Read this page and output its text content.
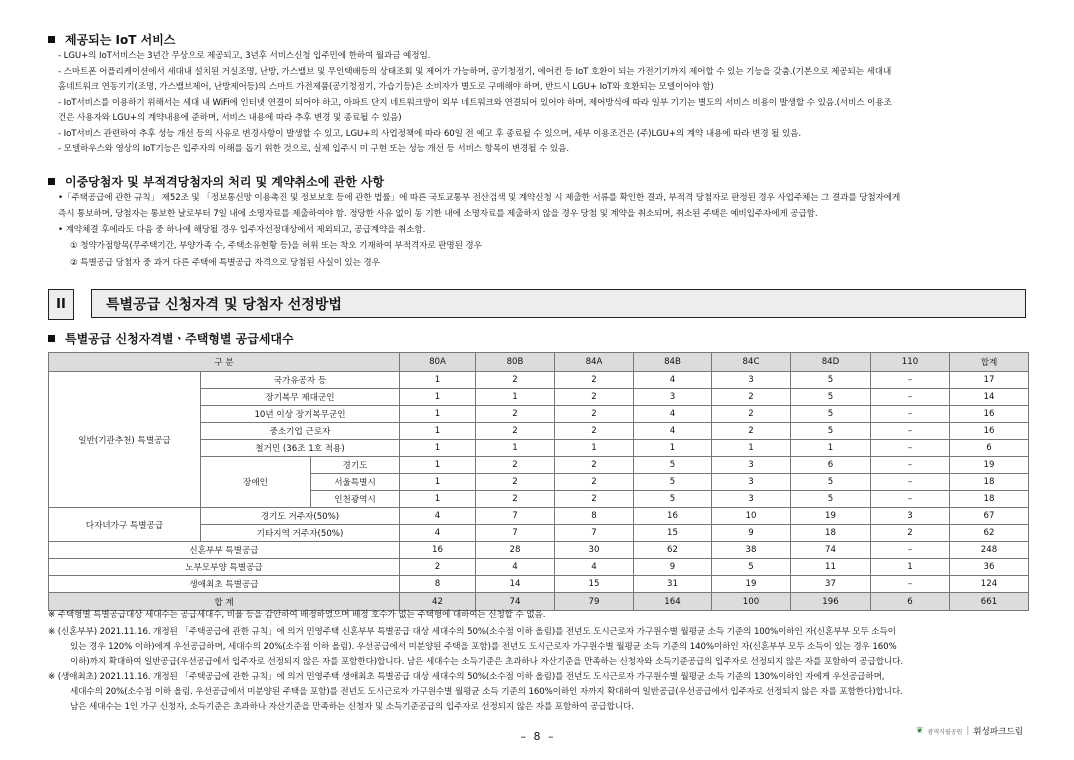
제공되는 IoT 서비스
- LGU+의 IoT서비스는 3년간 무상으로 제공되고, 3년후 서비스신청 입주민에 한하여 월과금 예정임.
- 스마트폰 어플리케이션에서 세대내 설치된 거실조명, 난방, 가스밸브 및 무인택배등의 상태조회 및 제어가 가능하며, 공기청정기, 에어컨 등 IoT 호환이 되는 가전기기까지 제어할 수 있는 기능을 갖춤.(기본으로 제공되는 세대내
홈네트워크 연동기기(조명, 가스밸브제어, 난방제어등)의 스마트 가전제품(공기청정기, 가습기등)은 소비자가 별도로 구매해야 하며, 반드시 LGU+ IoT와 호환되는 모델이어야 함)
- IoT서비스를 이용하기 위해서는 세대 내 WiFi에 인터넷 연결이 되어야 하고, 아파트 단지 네트워크망이 외부 네트워크와 연결되어 있어야 하며, 제어방식에 따라 일부 기기는 별도의 서비스 비용이 발생할 수 있음.(서비스 이용조
건은 사용자와 LGU+의 계약내용에 준하며, 서비스 내용에 따라 추후 변경 및 종료될 수 있음)
- IoT서비스 관련하여 추후 성능 개선 등의 사유로 변경사항이 발생할 수 있고, LGU+의 사업정책에 따라 60일 전 예고 후 종료될 수 있으며, 세부 이용조건은 (주)LGU+의 계약 내용에 따라 변경 될 있음.
- 모델하우스와 영상의 IoT기능은 입주자의 이해를 돕기 위한 것으로, 실제 입주시 미 구현 또는 성능 개선 등 서비스 항목이 변경될 수 있음.
이중당첨자 및 부적격당첨자의 처리 및 계약취소에 관한 사항
•「주택공급에 관한 규칙」 제52조 및 「정보통신망 이용촉진 및 정보보호 등에 관한 법률」에 따른 국토교통부 전산검색 및 계약신청 시 제출한 서류를 확인한 결과, 부적격 당첨자로 판정된 경우 사업주체는 그 결과를 당첨자에게
즉시 통보하며, 당첨자는 통보한 날로부터 7일 내에 소명자료를 제출하여야 함. 정당한 사유 없이 동 기한 내에 소명자료를 제출하지 않을 경우 당첨 및 계약을 취소되며, 취소된 주택은 예비입주자에게 공급함.
• 계약체결 후에라도 다음 중 하나에 해당될 경우 입주자선정대상에서 제외되고, 공급계약을 취소함.
① 청약가점항목(무주택기간, 부양가족 수, 주택소유현황 등)을 허위 또는 착오 기재하여 부적격자로 판명된 경우
② 특별공급 당첨자 중 과거 다른 주택에 특별공급 자격으로 당첨된 사실이 있는 경우
II	특별공급 신청자격 및 당첨자 선정방법
특별공급 신청자격별ㆍ주택형별 공급세대수
구 분			80A	80B	84A	84B	84C	84D	110	합계
일반(기관추천) 특별공급	국가유공자 등		1	2	2	4	3	5	–	17
	장기복무 제대군인		1	1	2	3	2	5	–	14
	10년 이상 장기복무군인		1	2	2	4	2	5	–	16
	중소기업 근로자		1	2	2	4	2	5	–	16
	철거민 (36조 1호 적용)		1	1	1	1	1	1	–	6
	장애인	경기도	1	2	2	5	3	6	–	19
		서울특별시	1	2	2	5	3	5	–	18
		인천광역시	1	2	2	5	3	5	–	18
다자녀가구 특별공급	경기도 거주자(50%)		4	7	8	16	10	19	3	67
	기타지역 거주자(50%)		4	7	7	15	9	18	2	62
신혼부부 특별공급			16	28	30	62	38	74	–	248
노부모부양 특별공급			2	4	4	9	5	11	1	36
생애최초 특별공급			8	14	15	31	19	37	–	124
합 계			42	74	79	164	100	196	6	661
※ 주택형별 특별공급대상 세대수는 공급세대수, 비율 등을 감안하여 배정하였으며 배정 호수가 없는 주택형에 대하여는 신청할 수 없음.
※ (신혼부부) 2021.11.16. 개정된 「주택공급에 관한 규칙」에 의거 민영주택 신혼부부 특별공급 대상 세대수의 50%(소수점 이하 올림)를 전년도 도시근로자 가구원수별 월평균 소득 기준의 100%이하인 자(신혼부부 모두 소득이
있는 경우 120% 이하)에게 우선공급하며, 세대수의 20%(소수점 이하 올림). 우선공급에서 미분양된 주택을 포함)를 전년도 도시근로자 가구원수별 월평균 소득 기준의 140%이하인 자(신혼부부 모두 소득이 있는 경우 160%
이하)까지 확대하여 일반공급(우선공급에서 입주자로 선정되지 않은 자를 포함한다)합니다. 남은 세대수는 소득기준은 초과하나 자산기준을 만족하는 신청자와 소득기준공급의 입주자로 선정되지 않은 자를 포함하여 공급합니다.
※ (생애최초) 2021.11.16. 개정된 「주택공급에 관한 규칙」에 의거 민영주택 생애최초 특별공급 대상 세대수의 50%(소수점 이하 올림)를 전년도 도시근로자 가구원수별 월평균 소득 기준의 130%이하인 자에게 우선공급하며,
세대수의 20%(소수점 이하 올림. 우선공급에서 미분양된 주택을 포함)를 전년도 도시근로자 가구원수별 월평균 소득 기준의 160%이하인 자까지 확대하여 일반공급(우선공급에서 입주자로 선정되지 않은 자를 포함한다)합니다.
남은 세대수는 1인 가구 신청자, 소득기준은 초과하나 자산기준을 만족하는 신청자 및 소득기준공급의 입주자로 선정되지 않은 자를 포함하여 공급합니다.
– 8 –	❦ 광역식필공원 | 휘성파크드림
